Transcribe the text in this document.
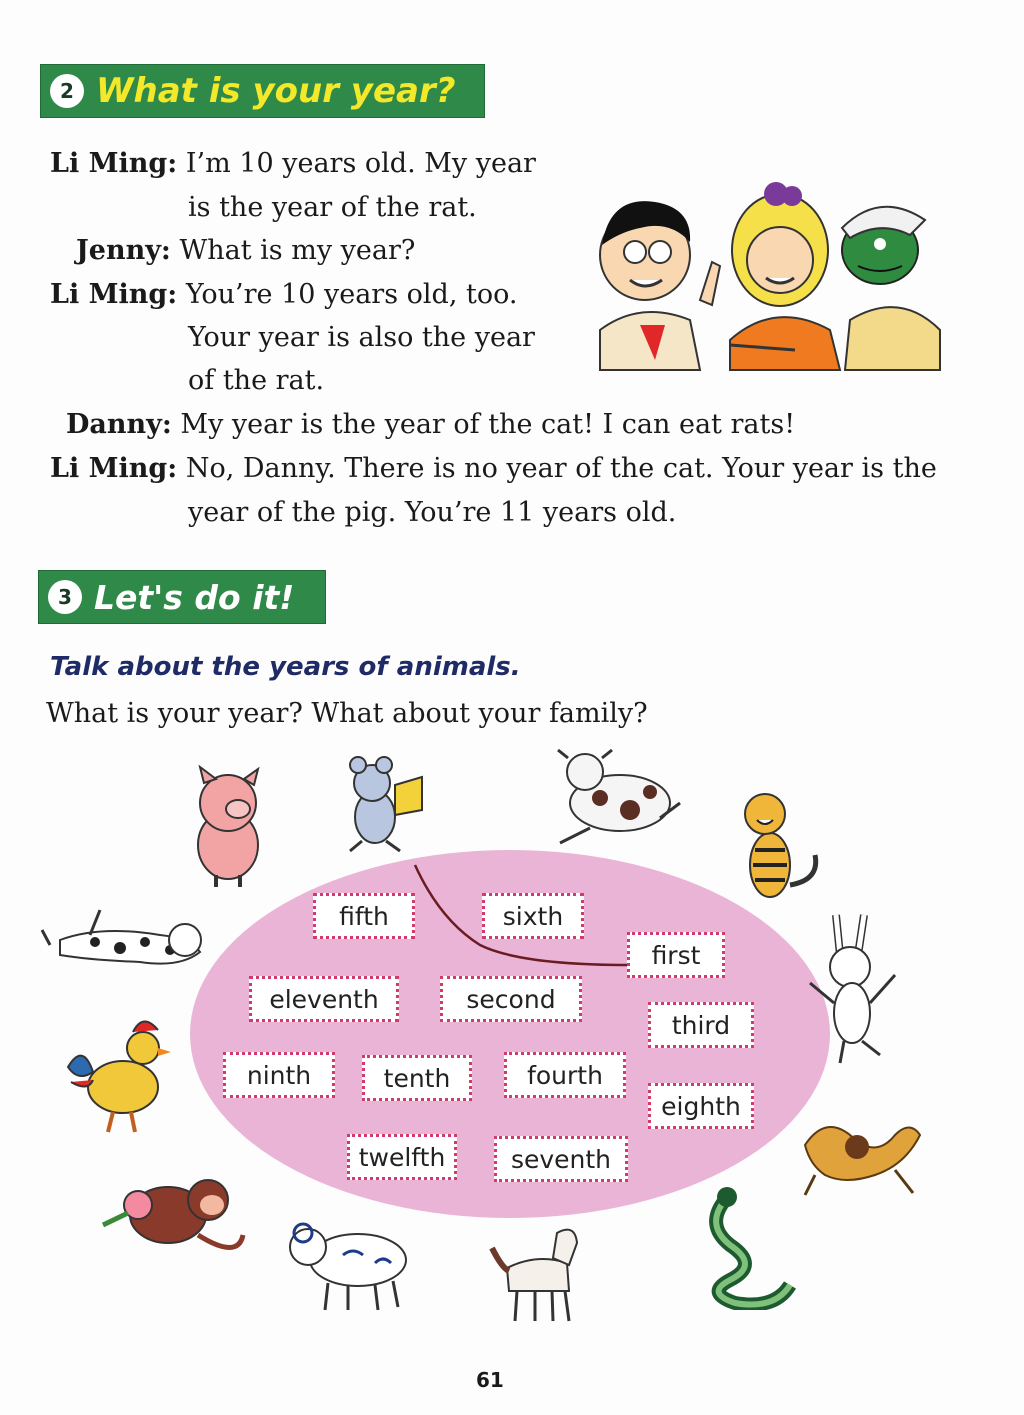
2 What is your year?
Li Ming: I’m 10 years old. My year
is the year of the rat.
Jenny: What is my year?
Li Ming: You’re 10 years old, too.
Your year is also the year
of the rat.
Danny: My year is the year of the cat! I can eat rats!
Li Ming: No, Danny. There is no year of the cat. Your year is the
year of the pig. You’re 11 years old.
3 Let's do it!
Talk about the years of animals.
What is your year? What about your family?
fifth	sixth
first
eleventh	second
third
ninth	tenth	fourth
eighth
twelfth	seventh
61
